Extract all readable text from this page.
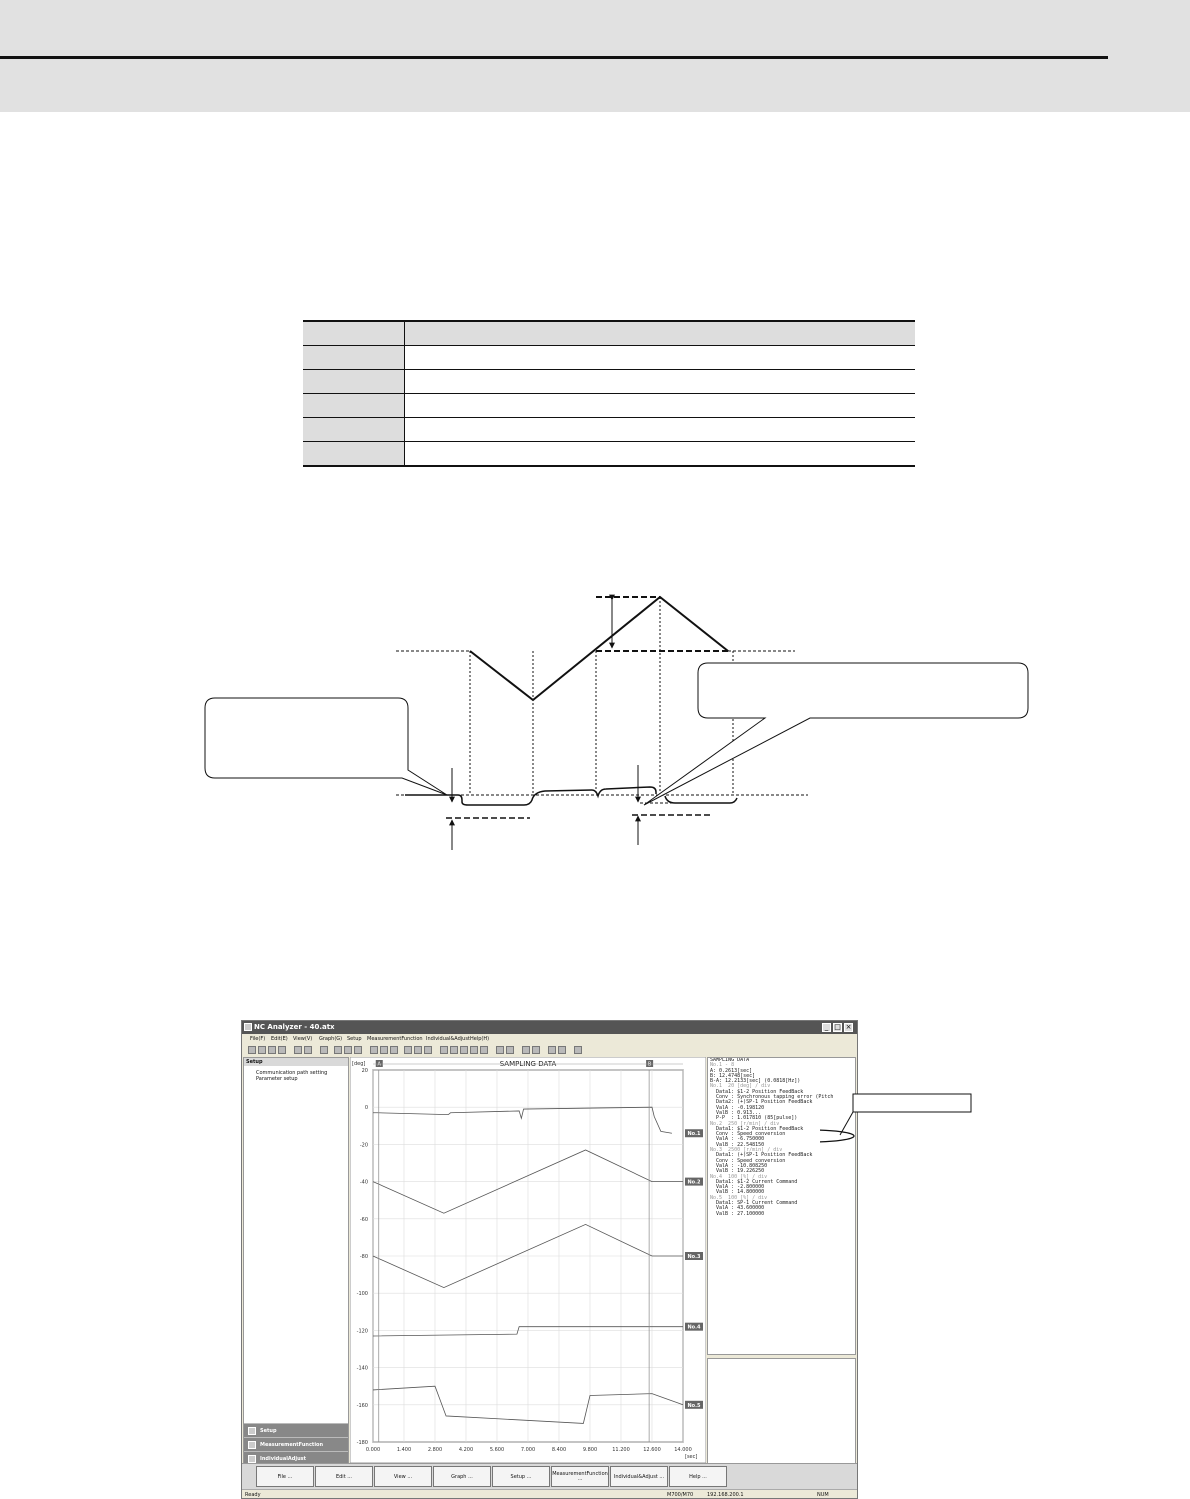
NC Analyzer - 40.atx	_ □ ×
File(F) Edit(E) View(V) Graph(G) Setup MeasurementFunction Individual&Adjust Help(H)
Setup
Communication path setting
Parameter setup
Setup
MeasurementFunction
IndividualAdjust
20
0
-20
-40
-60
-80
-100
-120
-140
-160
-180
0.000	1.400	2.800	4.200	5.600	7.000	8.400	9.800	11.200	12.600	14.000
[deg]
[sec]
SAMPLING DATA
A	B
No.1
No.2
No.3
No.4
No.5
SAMPLING DATA
No.1 - 8
A: 0.2613[sec]
B: 12.4748[sec]
B-A: 12.2133[sec] (0.0818[Hz])
No.1  20 [deg] / div
Data1: $1-2 Position FeedBack
Conv : Synchronous tapping error (Pitch
Data2: (+)SP-1 Position FeedBack
ValA : -0.198120
ValB : 0.913...
P-P  : 1.017810 (85[pulse])
No.2  250 [r/min] / div
Data1: $1-2 Position FeedBack
Conv : Speed conversion
ValA : -6.750000
ValB : 22.548150
No.3  2500 [r/min] / div
Data1: (+)SP-1 Position FeedBack
Conv : Speed conversion
ValA : -10.808250
ValB : 19.226250
No.4  100 [%] / div
Data1: $1-2 Current Command
ValA : -2.800000
ValB : 14.800000
No.5  100 [%] / div
Data1: SP-1 Current Command
ValA : 43.600000
ValB : 27.100000
File ...	Edit ...	View ...	Graph ...	Setup ...	MeasurementFunction ...	Individual&Adjust ...	Help ...
Ready	M700/M70	192.168.200.1	NUM
